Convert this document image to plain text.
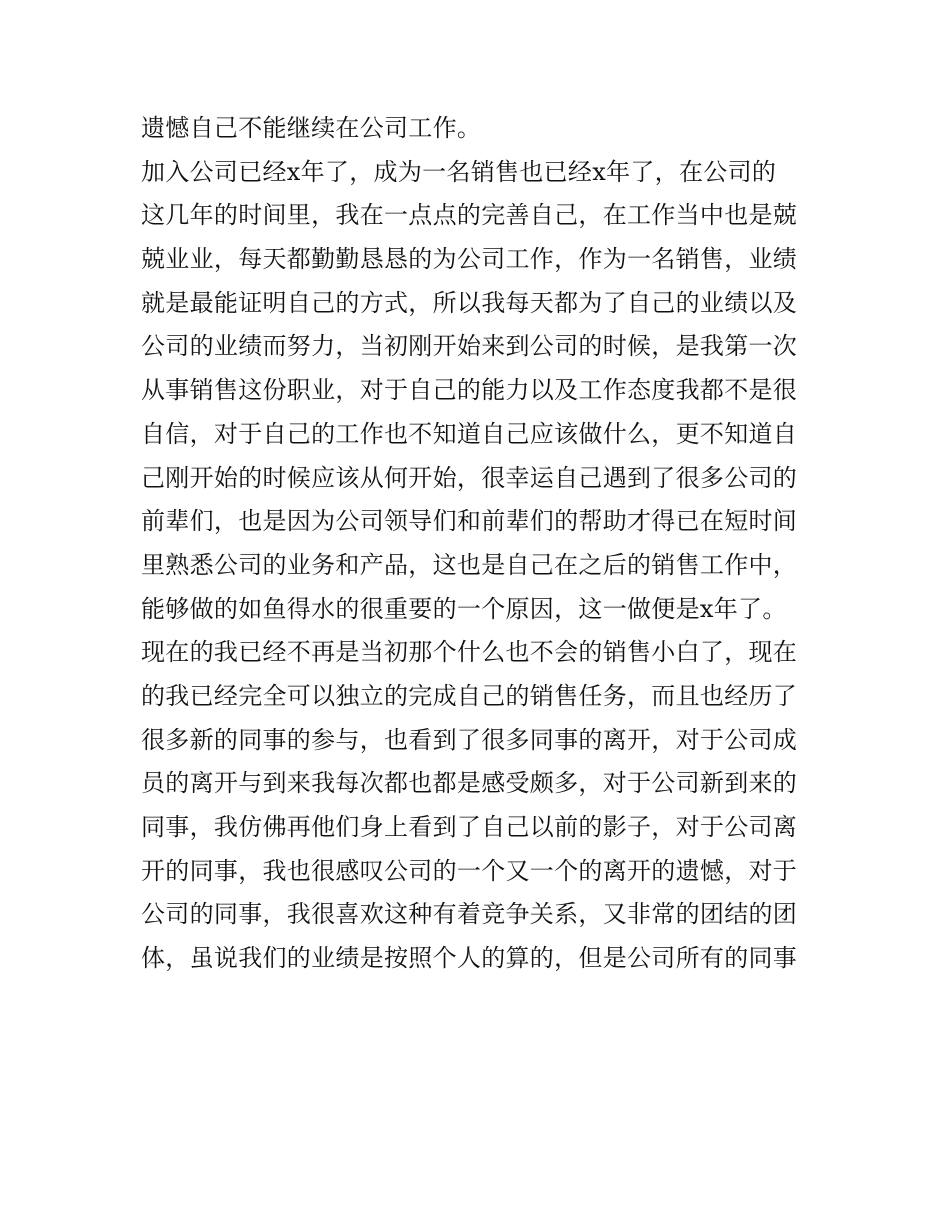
遗憾自己不能继续在公司工作。
加入公司已经x年了，成为一名销售也已经x年了，在公司的
这几年的时间里，我在一点点的完善自己，在工作当中也是兢
兢业业，每天都勤勤恳恳的为公司工作，作为一名销售，业绩
就是最能证明自己的方式，所以我每天都为了自己的业绩以及
公司的业绩而努力，当初刚开始来到公司的时候，是我第一次
从事销售这份职业，对于自己的能力以及工作态度我都不是很
自信，对于自己的工作也不知道自己应该做什么，更不知道自
己刚开始的时候应该从何开始，很幸运自己遇到了很多公司的
前辈们，也是因为公司领导们和前辈们的帮助才得已在短时间
里熟悉公司的业务和产品，这也是自己在之后的销售工作中，
能够做的如鱼得水的很重要的一个原因，这一做便是x年了。
现在的我已经不再是当初那个什么也不会的销售小白了，现在
的我已经完全可以独立的完成自己的销售任务，而且也经历了
很多新的同事的参与，也看到了很多同事的离开，对于公司成
员的离开与到来我每次都也都是感受颇多，对于公司新到来的
同事，我仿佛再他们身上看到了自己以前的影子，对于公司离
开的同事，我也很感叹公司的一个又一个的离开的遗憾，对于
公司的同事，我很喜欢这种有着竞争关系，又非常的团结的团
体，虽说我们的业绩是按照个人的算的，但是公司所有的同事
